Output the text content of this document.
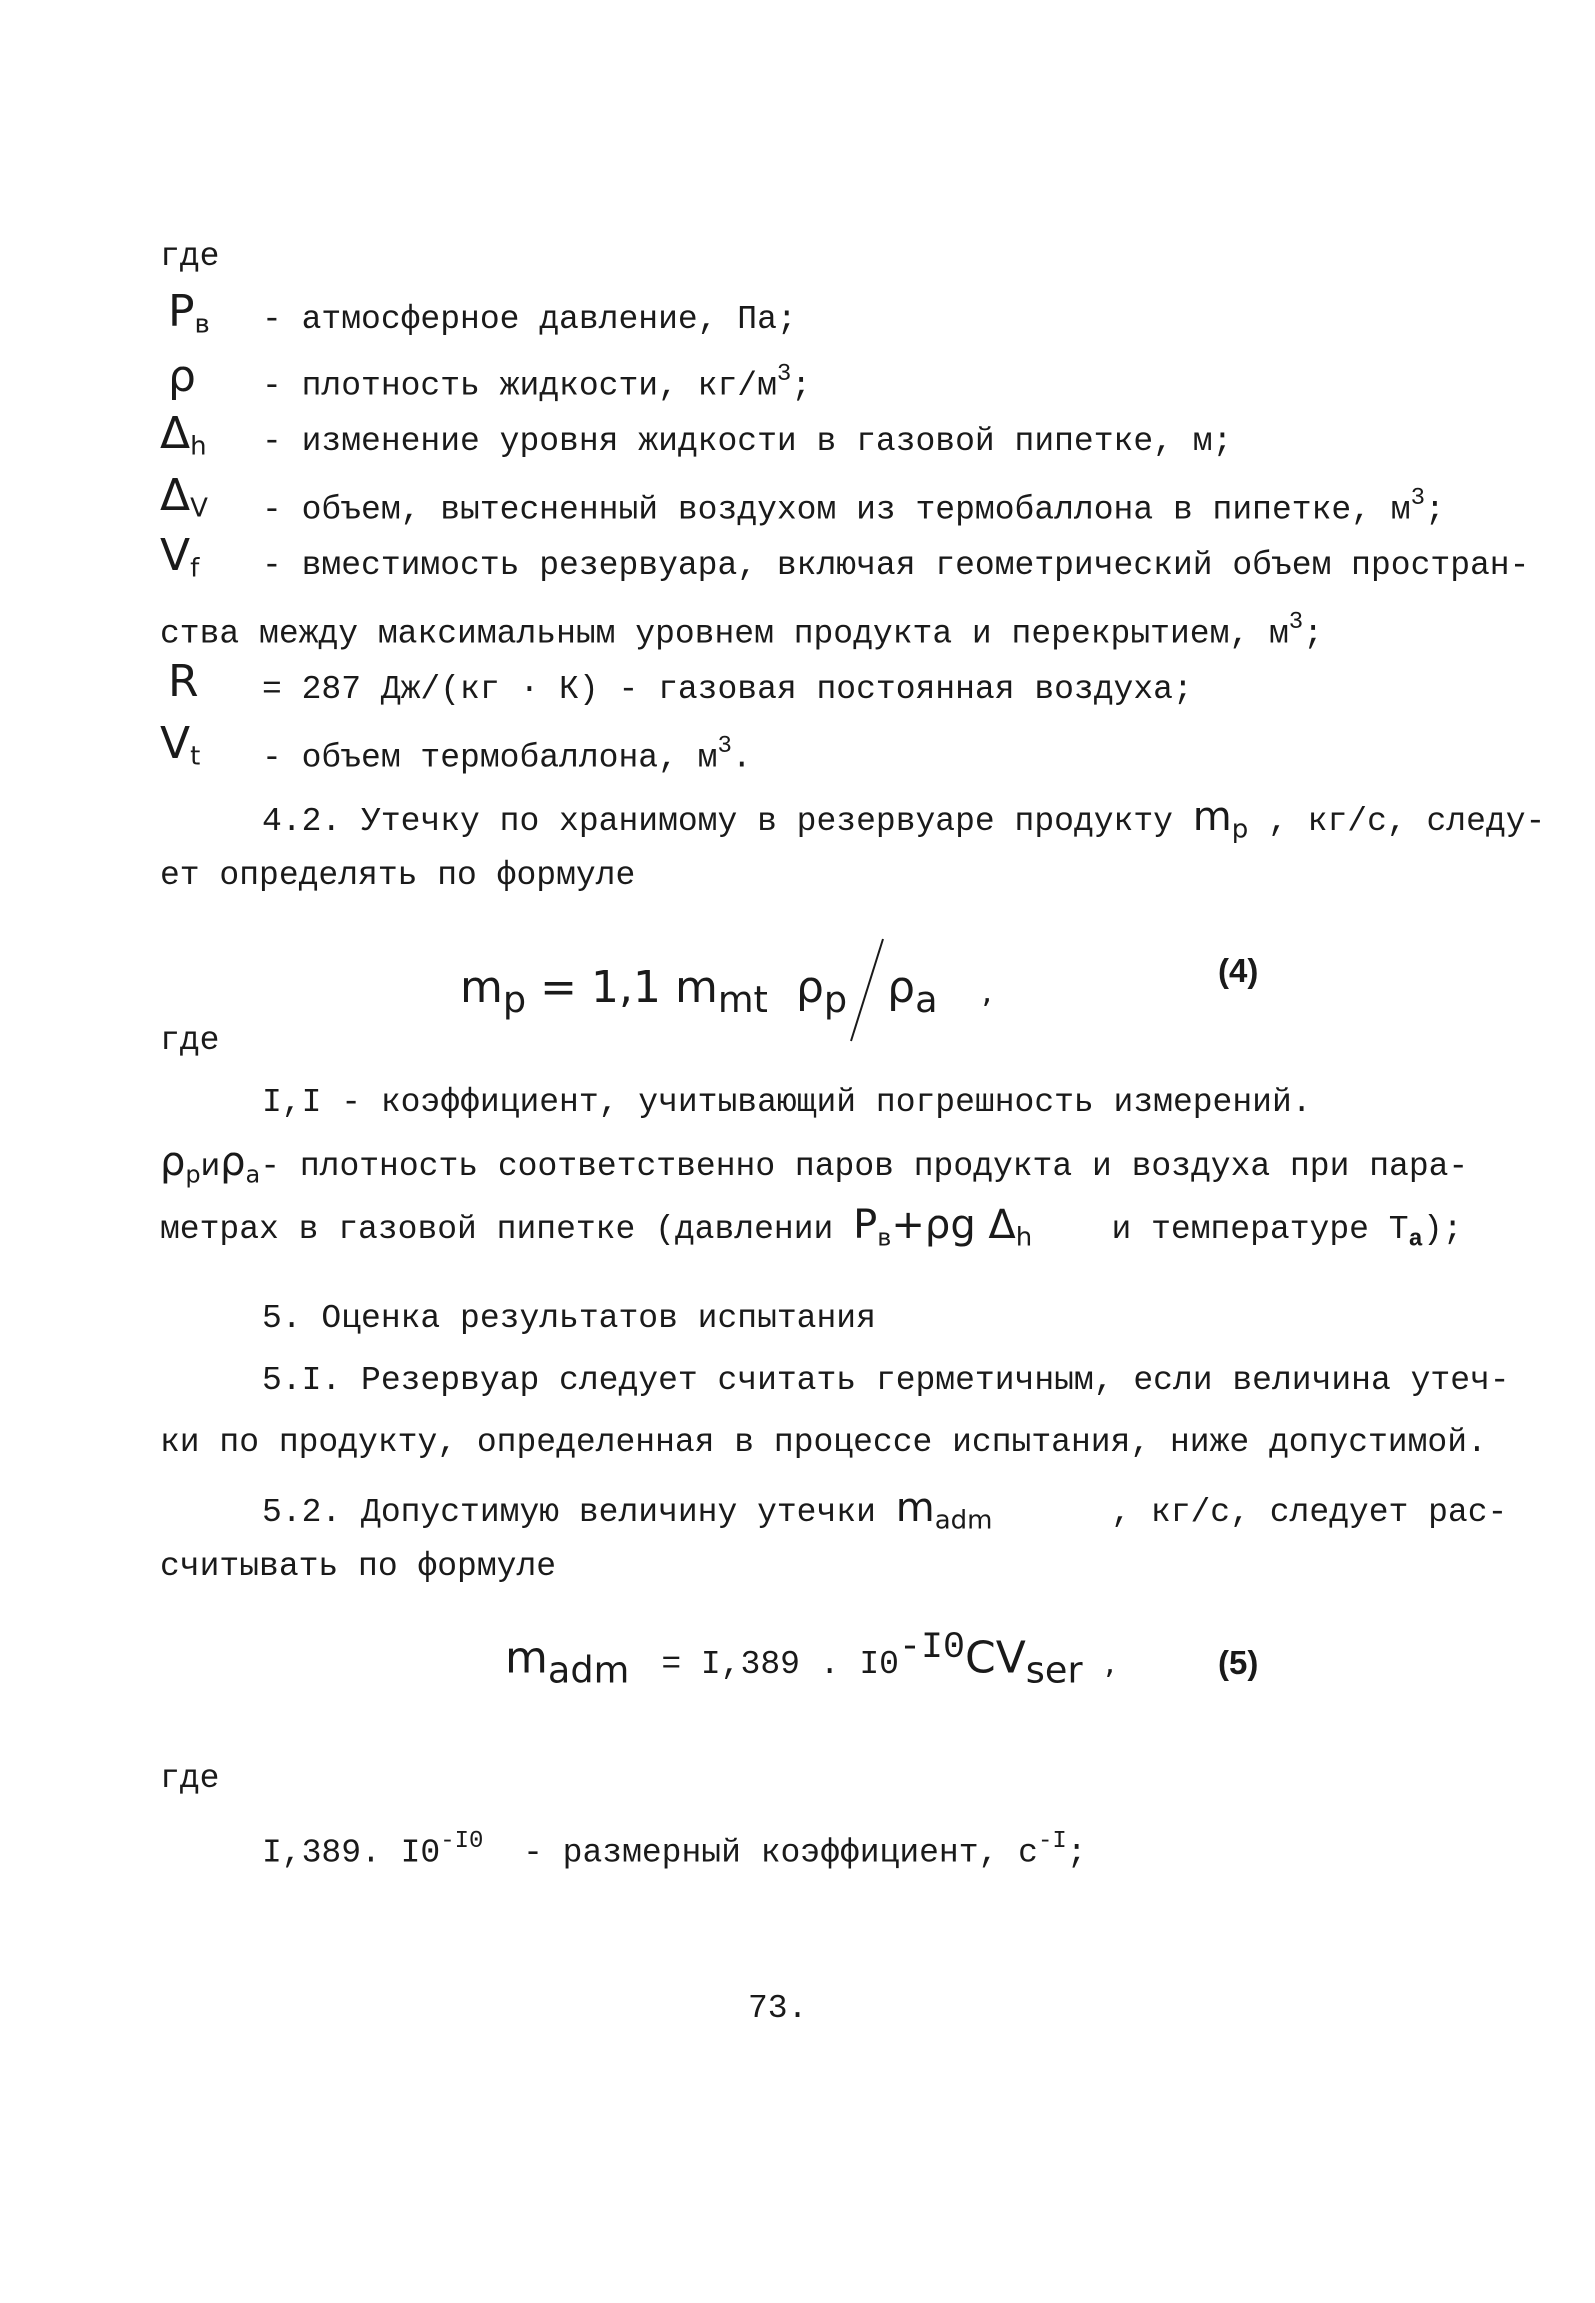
где
$P_в$ - атмосферное давление, Па;
ρ - плотность жидкости, $кг/м^3$;
$\Delta_h$ - изменение уровня жидкости в газовой пипетке, м;
$\Delta_V$ - объем, вытесненный воздухом из термобаллона в пипетке, $м^3$;
$V_f$ - вместимость резервуара, включая геометрический объем простран-
ства между максимальным уровнем продукта и перекрытием, $м^3$;
R = 287 Дж/(кг · К) - газовая постоянная воздуха;
$V_t$ - объем термобаллона, $м^3$.
4.2. Утечку по хранимому в резервуаре продукту $m_p$ , кг/с, следу-
ет определять по формуле
$m_p = 1,1$ $m_{mt}$ $\rho_p$ $\rho_a$ ,
(4)
где
I,I - коэффициент, учитывающий погрешность измерений.
$\rho_pи\rho_a-$ плотность соответственно паров продукта и воздуха при пара-
метрах в газовой пипетке (давлении $P_в+\rho g$ $\Delta_h$ и температуре $T_a$);
5. Оценка результатов испытания
5.I. Резервуар следует считать герметичным, если величина утеч-
ки по продукту, определенная в процессе испытания, ниже допустимой.
5.2. Допустимую величину утечки $m_{adm}$	, кг/с, следует рас-
считывать по формуле
$m_{adm} = I,389$ . $I0^{-I0}CV_{ser}$ ,	(5)
где
I,389. $I0^{-I0}$ - размерный коэффициент, $с^{-I}$;
73.
